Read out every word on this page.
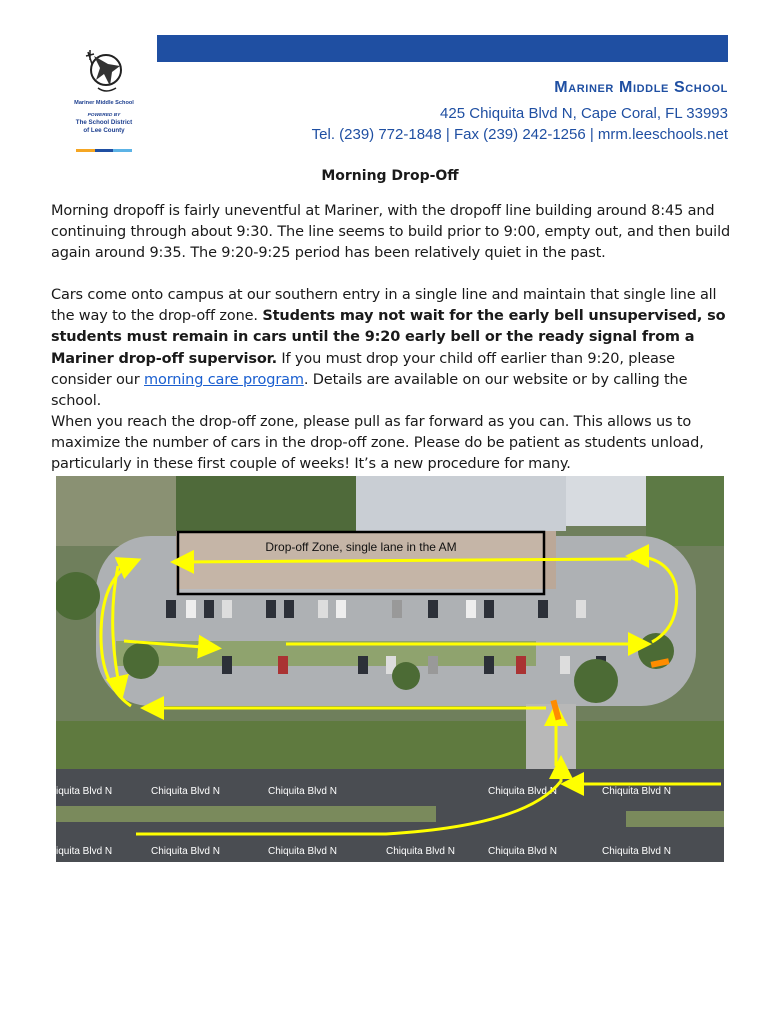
Mariner Middle School
POWERED BY
The School District
of Lee County
Mariner Middle School
425 Chiquita Blvd N, Cape Coral, FL 33993
Tel. (239) 772-1848 | Fax (239) 242-1256 | mrm.leeschools.net
Morning Drop-Off

Morning dropoff is fairly uneventful at Mariner, with the dropoff line building around 8:45 and continuing through about 9:30. The line seems to build prior to 9:00, empty out, and then build again around 9:35. The 9:20-9:25 period has been relatively quiet in the past.

Cars come onto campus at our southern entry in a single line and maintain that single line all the way to the drop-off zone. Students may not wait for the early bell unsupervised, so students must remain in cars until the 9:20 early bell or the ready signal from a Mariner drop-off supervisor. If you must drop your child off earlier than 9:20, please consider our morning care program. Details are available on our website or by calling the school.

When you reach the drop-off zone, please pull as far forward as you can. This allows us to maximize the number of cars in the drop-off zone. Please do be patient as students unload, particularly in these first couple of weeks! It’s a new procedure for many.

iquita Blvd N	Chiquita Blvd N	Chiquita Blvd N	Chiquita Blvd N	Chiquita Blvd N
iquita Blvd N	Chiquita Blvd N	Chiquita Blvd N	Chiquita Blvd N	Chiquita Blvd N	Chiquita Blvd N
Drop-off Zone, single lane in the AM
